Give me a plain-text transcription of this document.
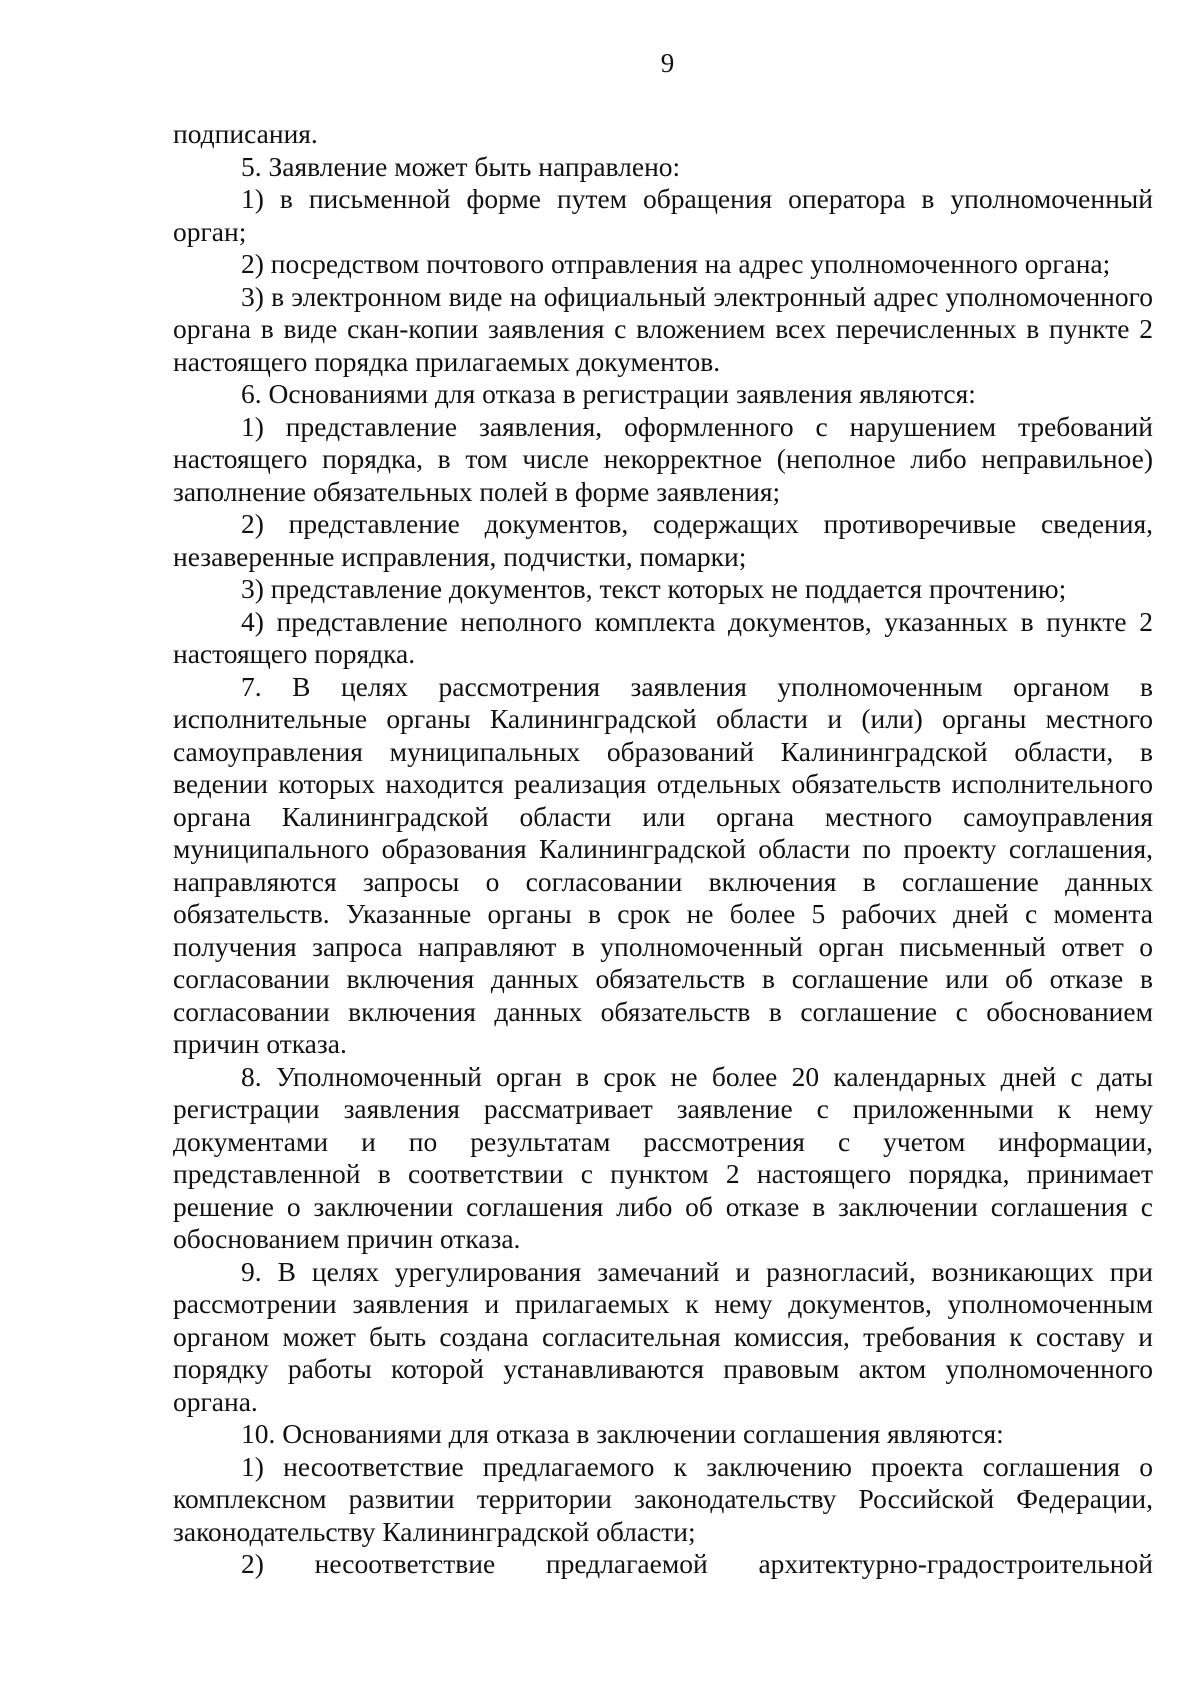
9

подписания.

5. Заявление может быть направлено:

1) в письменной форме путем обращения оператора в уполномоченный орган;

2) посредством почтового отправления на адрес уполномоченного органа;

3) в электронном виде на официальный электронный адрес уполномоченного органа в виде скан-копии заявления с вложением всех перечисленных в пункте 2 настоящего порядка прилагаемых документов.

6. Основаниями для отказа в регистрации заявления являются:

1) представление заявления, оформленного с нарушением требований настоящего порядка, в том числе некорректное (неполное либо неправильное) заполнение обязательных полей в форме заявления;

2) представление документов, содержащих противоречивые сведения, незаверенные исправления, подчистки, помарки;

3) представление документов, текст которых не поддается прочтению;

4) представление неполного комплекта документов, указанных в пункте 2 настоящего порядка.

7. В целях рассмотрения заявления уполномоченным органом в исполнительные органы Калининградской области и (или) органы местного самоуправления муниципальных образований Калининградской области, в ведении которых находится реализация отдельных обязательств исполнительного органа Калининградской области или органа местного самоуправления муниципального образования Калининградской области по проекту соглашения, направляются запросы о согласовании включения в соглашение данных обязательств. Указанные органы в срок не более 5 рабочих дней с момента получения запроса направляют в уполномоченный орган письменный ответ о согласовании включения данных обязательств в соглашение или об отказе в согласовании включения данных обязательств в соглашение с обоснованием причин отказа.

8. Уполномоченный орган в срок не более 20 календарных дней с даты регистрации заявления рассматривает заявление с приложенными к нему документами и по результатам рассмотрения с учетом информации, представленной в соответствии с пунктом 2 настоящего порядка, принимает решение о заключении соглашения либо об отказе в заключении соглашения с обоснованием причин отказа.

9. В целях урегулирования замечаний и разногласий, возникающих при рассмотрении заявления и прилагаемых к нему документов, уполномоченным органом может быть создана согласительная комиссия, требования к составу и порядку работы которой устанавливаются правовым актом уполномоченного органа.

10. Основаниями для отказа в заключении соглашения являются:

1) несоответствие предлагаемого к заключению проекта соглашения о комплексном развитии территории законодательству Российской Федерации, законодательству Калининградской области;

2) несоответствие предлагаемой архитектурно-градостроительной
